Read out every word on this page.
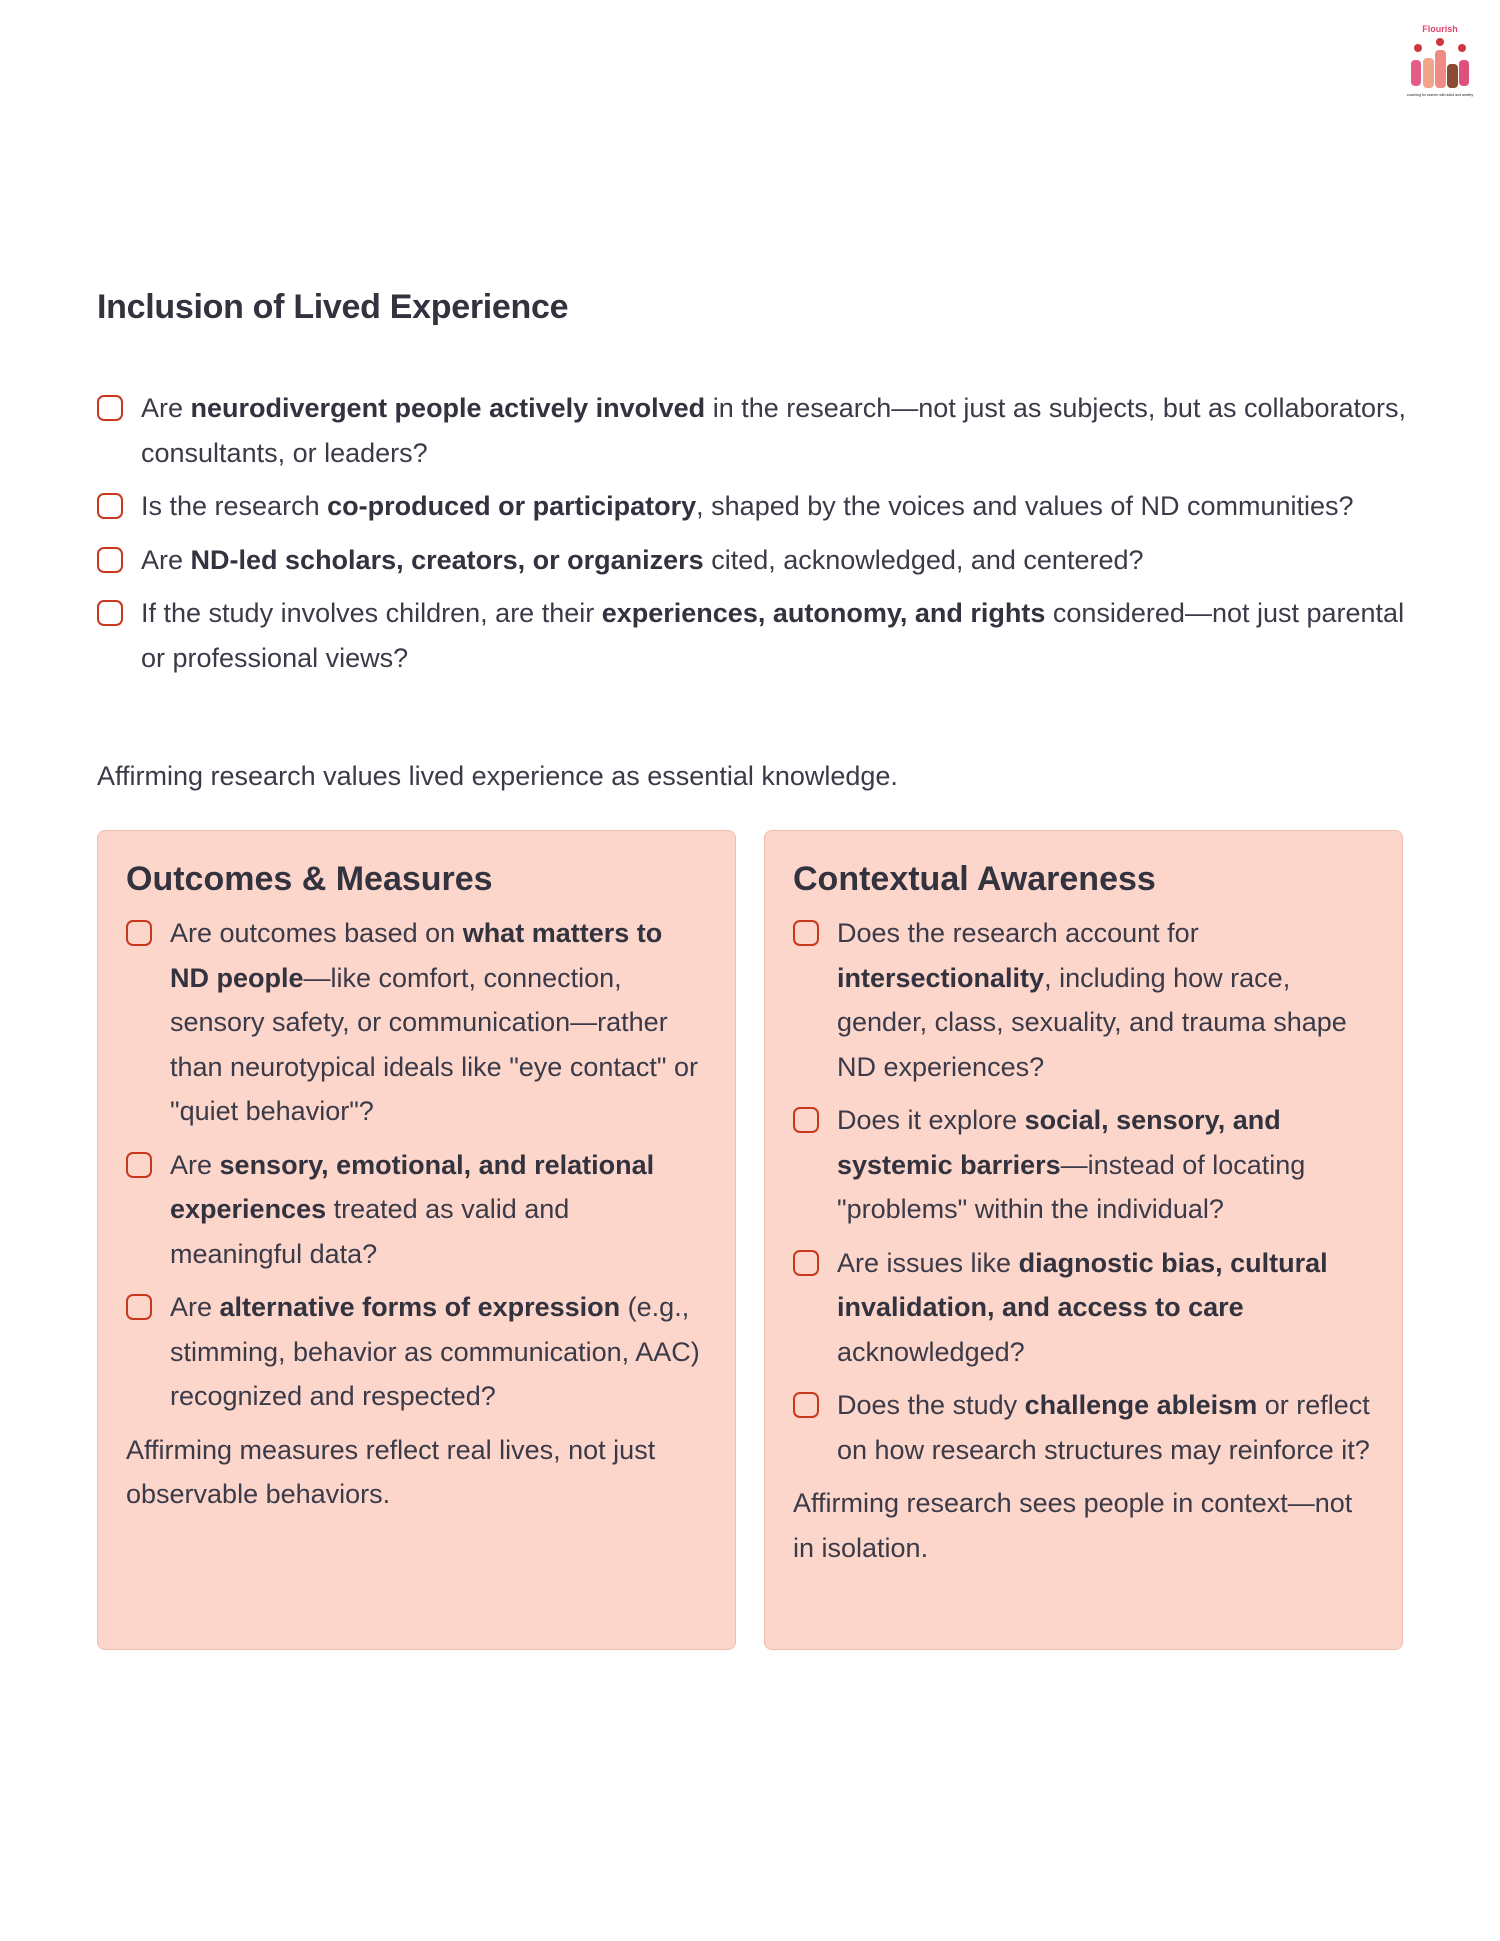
Flourish
coaching for women with adhd and anxiety
Inclusion of Lived Experience
Are neurodivergent people actively involved in the research—not just as subjects, but as collaborators, consultants, or leaders?
Is the research co-produced or participatory, shaped by the voices and values of ND communities?
Are ND-led scholars, creators, or organizers cited, acknowledged, and centered?
If the study involves children, are their experiences, autonomy, and rights considered—not just parental or professional views?

Affirming research values lived experience as essential knowledge.

Outcomes & Measures
Are outcomes based on what matters to ND people—like comfort, connection, sensory safety, or communication—rather than neurotypical ideals like "eye contact" or "quiet behavior"?
Are sensory, emotional, and relational experiences treated as valid and meaningful data?
Are alternative forms of expression (e.g., stimming, behavior as communication, AAC) recognized and respected?

Affirming measures reflect real lives, not just observable behaviors.

Contextual Awareness
Does the research account for intersectionality, including how race, gender, class, sexuality, and trauma shape ND experiences?
Does it explore social, sensory, and systemic barriers—instead of locating "problems" within the individual?
Are issues like diagnostic bias, cultural invalidation, and access to care acknowledged?
Does the study challenge ableism or reflect on how research structures may reinforce it?

Affirming research sees people in context—not in isolation.
